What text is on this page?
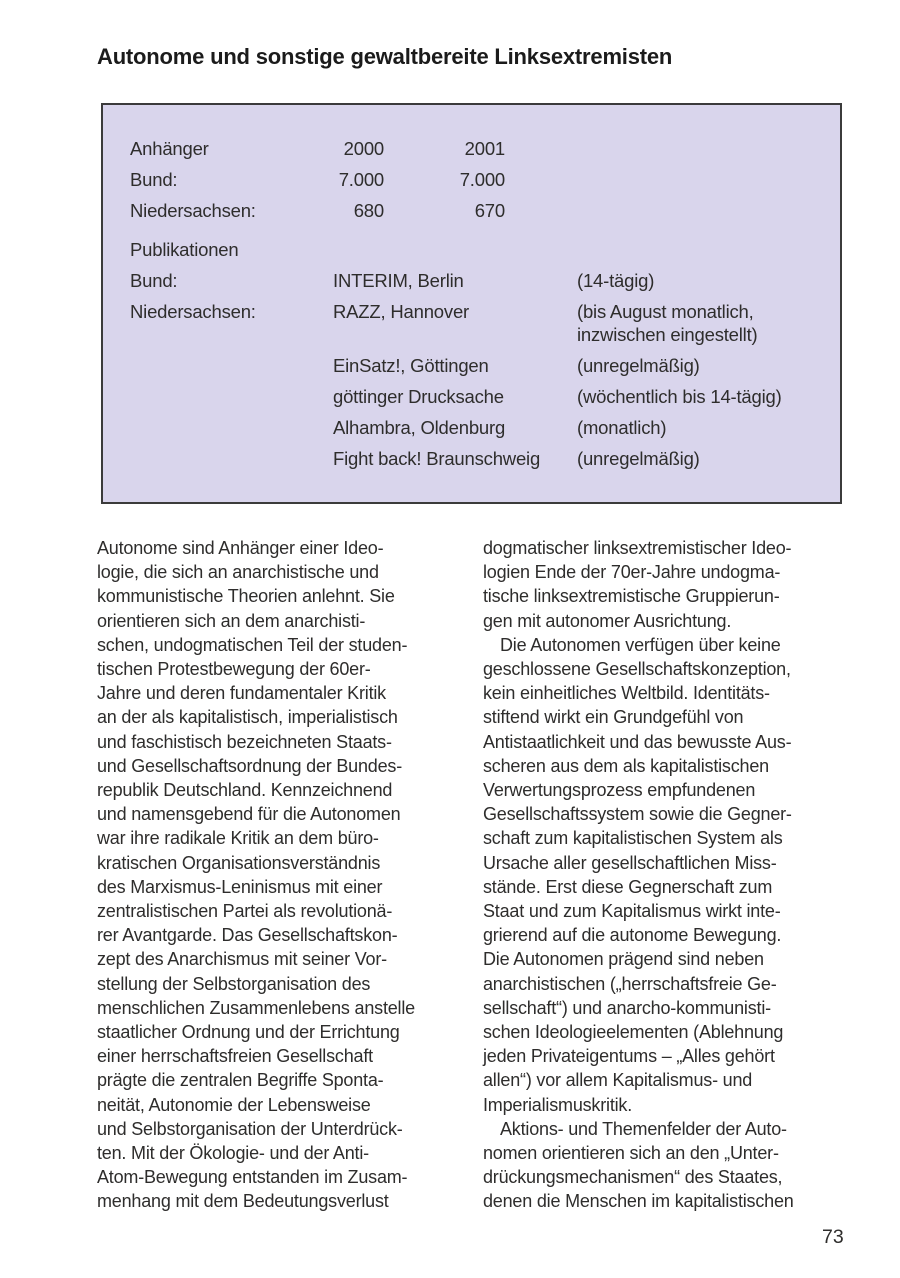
Autonome und sonstige gewaltbereite Linksextremisten
Anhänger	2000	2001
Bund:	7.000	7.000
Niedersachsen:	680	670
Publikationen
Bund:	INTERIM, Berlin	(14-tägig)
Niedersachsen:	RAZZ, Hannover	(bis August monatlich,
inzwischen eingestellt)
EinSatz!, Göttingen	(unregelmäßig)
göttinger Drucksache	(wöchentlich bis 14-tägig)
Alhambra, Oldenburg	(monatlich)
Fight back! Braunschweig	(unregelmäßig)
Autonome sind Anhänger einer Ideo-
logie, die sich an anarchistische und
kommunistische Theorien anlehnt. Sie
orientieren sich an dem anarchisti-
schen, undogmatischen Teil der studen-
tischen Protestbewegung der 60er-
Jahre und deren fundamentaler Kritik
an der als kapitalistisch, imperialistisch
und faschistisch bezeichneten Staats-
und Gesellschaftsordnung der Bundes-
republik Deutschland. Kennzeichnend
und namensgebend für die Autonomen
war ihre radikale Kritik an dem büro-
kratischen Organisationsverständnis
des Marxismus-Leninismus mit einer
zentralistischen Partei als revolutionä-
rer Avantgarde. Das Gesellschaftskon-
zept des Anarchismus mit seiner Vor-
stellung der Selbstorganisation des
menschlichen Zusammenlebens anstelle
staatlicher Ordnung und der Errichtung
einer herrschaftsfreien Gesellschaft
prägte die zentralen Begriffe Sponta-
neität, Autonomie der Lebensweise
und Selbstorganisation der Unterdrück-
ten. Mit der Ökologie- und der Anti-
Atom-Bewegung entstanden im Zusam-
menhang mit dem Bedeutungsverlust
dogmatischer linksextremistischer Ideo-
logien Ende der 70er-Jahre undogma-
tische linksextremistische Gruppierun-
gen mit autonomer Ausrichtung.
Die Autonomen verfügen über keine
geschlossene Gesellschaftskonzeption,
kein einheitliches Weltbild. Identitäts-
stiftend wirkt ein Grundgefühl von
Antistaatlichkeit und das bewusste Aus-
scheren aus dem als kapitalistischen
Verwertungsprozess empfundenen
Gesellschaftssystem sowie die Gegner-
schaft zum kapitalistischen System als
Ursache aller gesellschaftlichen Miss-
stände. Erst diese Gegnerschaft zum
Staat und zum Kapitalismus wirkt inte-
grierend auf die autonome Bewegung.
Die Autonomen prägend sind neben
anarchistischen („herrschaftsfreie Ge-
sellschaft“) und anarcho-kommunisti-
schen Ideologieelementen (Ablehnung
jeden Privateigentums – „Alles gehört
allen“) vor allem Kapitalismus- und
Imperialismuskritik.
Aktions- und Themenfelder der Auto-
nomen orientieren sich an den „Unter-
drückungsmechanismen“ des Staates,
denen die Menschen im kapitalistischen
73
